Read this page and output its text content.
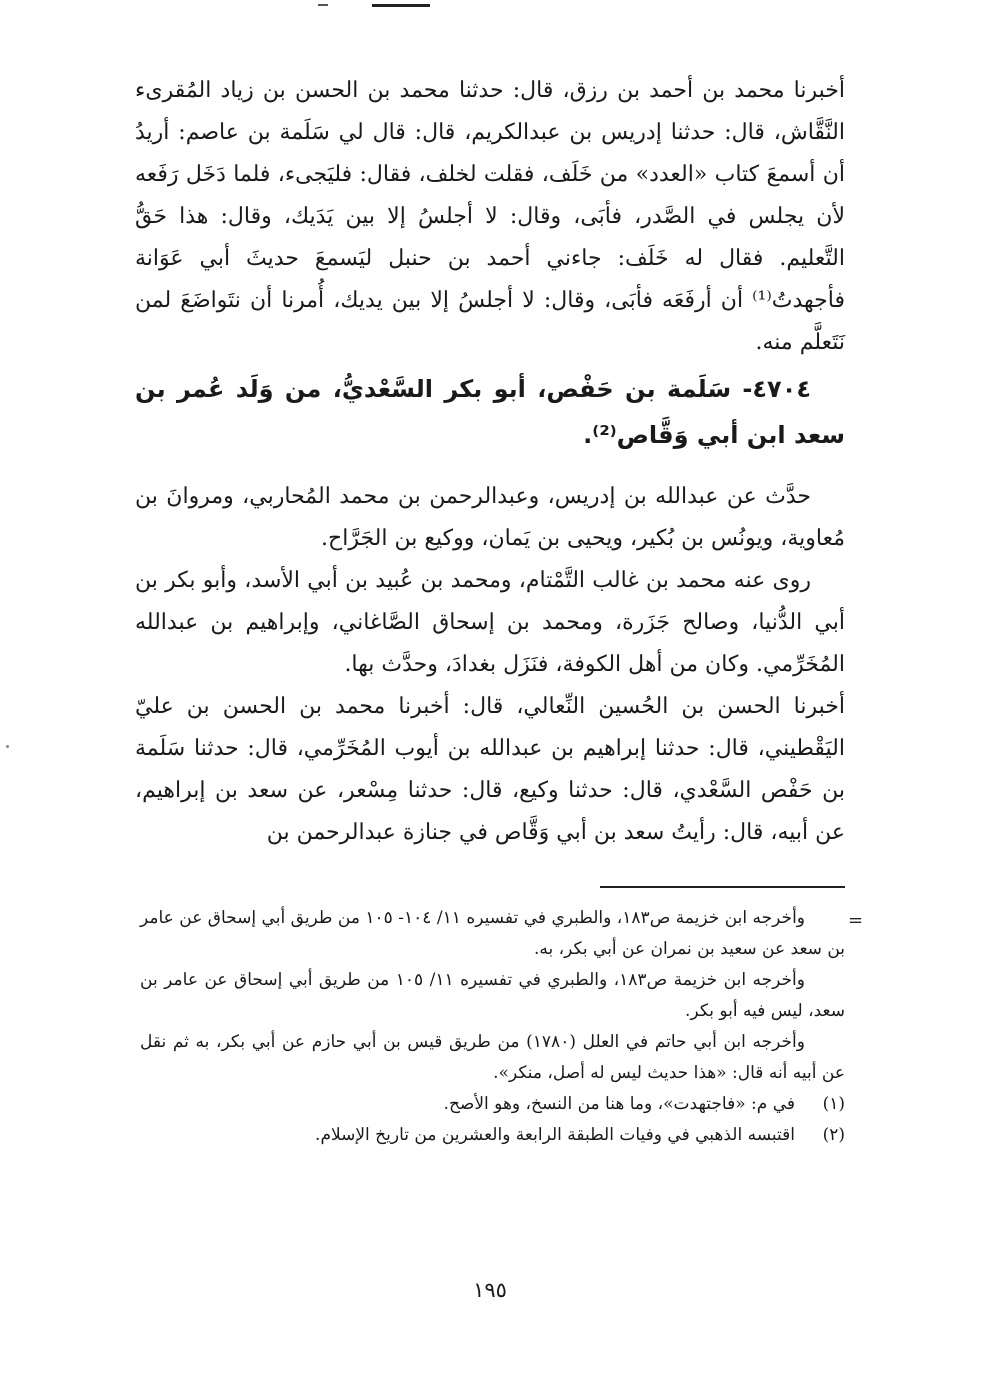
أخبرنا محمد بن أحمد بن رزق، قال: حدثنا محمد بن الحسن بن زياد المُقرىء النَّقَّاش، قال: حدثنا إدريس بن عبدالكريم، قال: قال لي سَلَمة بن عاصم: أريدُ أن أسمعَ كتاب «العدد» من خَلَف، فقلت لخلف، فقال: فليَجىء، فلما دَخَل رَفَعه لأن يجلس في الصَّدر، فأبَى، وقال: لا أجلسُ إلا بين يَدَيك، وقال: هذا حَقُّ التَّعليم. فقال له خَلَف: جاءني أحمد بن حنبل ليَسمعَ حديثَ أبي عَوَانة فأجهدتُ⁽¹⁾ أن أرفَعَه فأبَى، وقال: لا أجلسُ إلا بين يديك، أُمرنا أن نتَواضَعَ لمن نَتَعلَّم منه.

٤٧٠٤- سَلَمة بن حَفْص، أبو بكر السَّعْديُّ، من وَلَد عُمر بن سعد ابن أبي وَقَّاص⁽²⁾.

حدَّث عن عبدالله بن إدريس، وعبدالرحمن بن محمد المُحاربي، ومروانَ بن مُعاوية، ويونُس بن بُكير، ويحيى بن يَمان، ووكيع بن الجَرَّاح.

روى عنه محمد بن غالب التَّمْتام، ومحمد بن عُبيد بن أبي الأسد، وأبو بكر بن أبي الدُّنيا، وصالح جَزَرة، ومحمد بن إسحاق الصَّاغاني، وإبراهيم بن عبدالله المُخَرِّمي. وكان من أهل الكوفة، فنَزَل بغدادَ، وحدَّث بها.

أخبرنا الحسن بن الحُسين النِّعالي، قال: أخبرنا محمد بن الحسن بن عليّ اليَقْطيني، قال: حدثنا إبراهيم بن عبدالله بن أيوب المُخَرِّمي، قال: حدثنا سَلَمة بن حَفْص السَّعْدي، قال: حدثنا وكيع، قال: حدثنا مِسْعر، عن سعد بن إبراهيم، عن أبيه، قال: رأيتُ سعد بن أبي وَقَّاص في جنازة عبدالرحمن بن

=

وأخرجه ابن خزيمة ص١٨٣، والطبري في تفسيره ١١/ ١٠٤- ١٠٥ من طريق أبي إسحاق عن عامر بن سعد عن سعيد بن نمران عن أبي بكر، به.

وأخرجه ابن خزيمة ص١٨٣، والطبري في تفسيره ١١/ ١٠٥ من طريق أبي إسحاق عن عامر بن سعد، ليس فيه أبو بكر.

وأخرجه ابن أبي حاتم في العلل (١٧٨٠) من طريق قيس بن أبي حازم عن أبي بكر، به ثم نقل عن أبيه أنه قال: «هذا حديث ليس له أصل، منكر».

(١)
في م: «فاجتهدت»، وما هنا من النسخ، وهو الأصح.
(٢)
اقتبسه الذهبي في وفيات الطبقة الرابعة والعشرين من تاريخ الإسلام.
١٩٥
